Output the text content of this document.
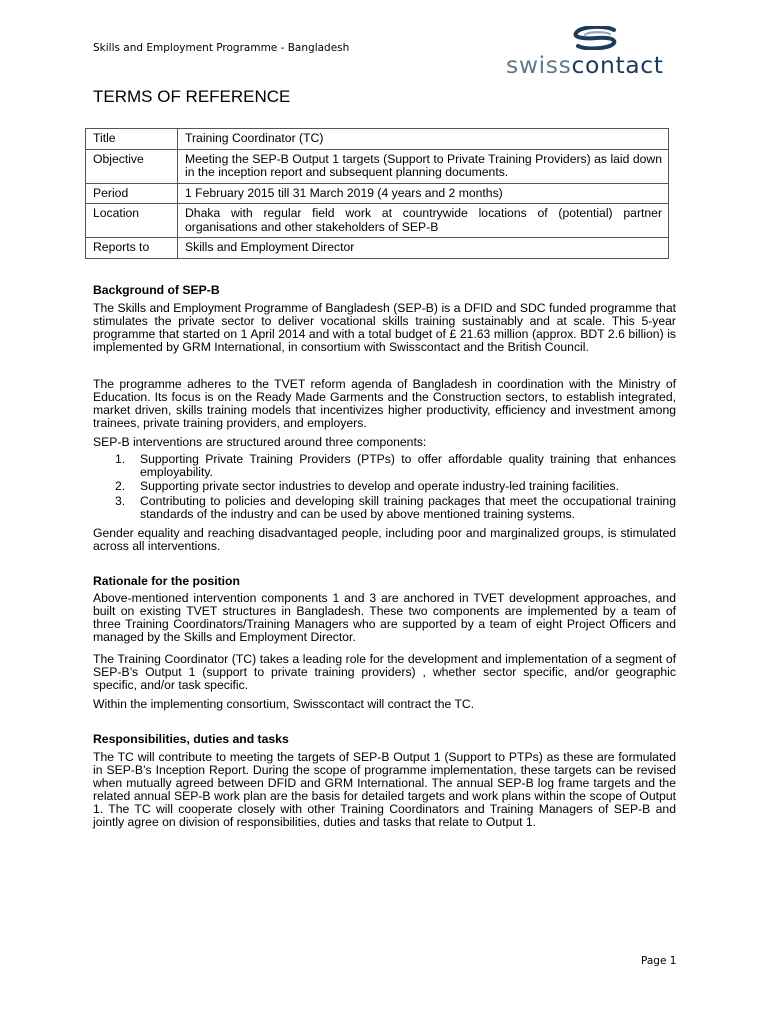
Skills and Employment Programme - Bangladesh
swisscontact
TERMS OF REFERENCE
Title	Training Coordinator (TC)
Objective	Meeting the SEP-B Output 1 targets (Support to Private Training Providers) as laid down in the inception report and subsequent planning documents.
Period	1 February 2015 till 31 March 2019 (4 years and 2 months)
Location	Dhaka with regular field work at countrywide locations of (potential) partner organisations and other stakeholders of SEP-B
Reports to	Skills and Employment Director
Background of SEP-B

The Skills and Employment Programme of Bangladesh (SEP-B) is a DFID and SDC funded programme that stimulates the private sector to deliver vocational skills training sustainably and at scale. This 5-year programme that started on 1 April 2014 and with a total budget of £ 21.63 million (approx. BDT 2.6 billion) is implemented by GRM International, in consortium with Swisscontact and the British Council.

The programme adheres to the TVET reform agenda of Bangladesh in coordination with the Ministry of Education. Its focus is on the Ready Made Garments and the Construction sectors, to establish integrated, market driven, skills training models that incentivizes higher productivity, efficiency and investment among trainees, private training providers, and employers.

SEP-B interventions are structured around three components:

1. Supporting Private Training Providers (PTPs) to offer affordable quality training that enhances employability.
2. Supporting private sector industries to develop and operate industry-led training facilities.
3. Contributing to policies and developing skill training packages that meet the occupational training standards of the industry and can be used by above mentioned training systems.

Gender equality and reaching disadvantaged people, including poor and marginalized groups, is stimulated across all interventions.

Rationale for the position

Above-mentioned intervention components 1 and 3 are anchored in TVET development approaches, and built on existing TVET structures in Bangladesh. These two components are implemented by a team of three Training Coordinators/Training Managers who are supported by a team of eight Project Officers and managed by the Skills and Employment Director.

The Training Coordinator (TC) takes a leading role for the development and implementation of a segment of SEP-B’s Output 1 (support to private training providers) , whether sector specific, and/or geographic specific, and/or task specific.

Within the implementing consortium, Swisscontact will contract the TC.

Responsibilities, duties and tasks

The TC will contribute to meeting the targets of SEP-B Output 1 (Support to PTPs) as these are formulated in SEP-B’s Inception Report. During the scope of programme implementation, these targets can be revised when mutually agreed between DFID and GRM International. The annual SEP-B log frame targets and the related annual SEP-B work plan are the basis for detailed targets and work plans within the scope of Output 1. The TC will cooperate closely with other Training Coordinators and Training Managers of SEP-B and jointly agree on division of responsibilities, duties and tasks that relate to Output 1.

Page 1
